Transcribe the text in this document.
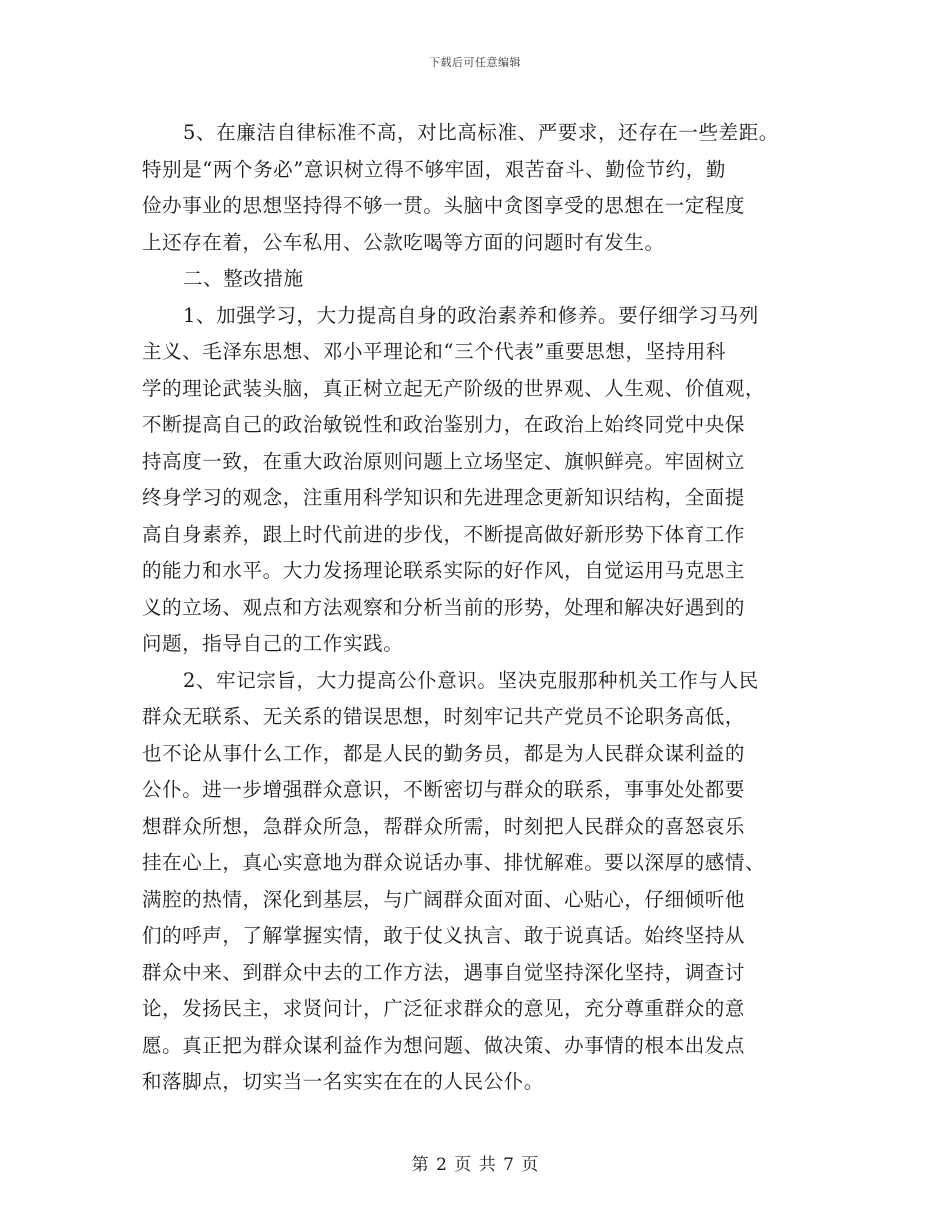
下载后可任意编辑
5、在廉洁自律标准不高，对比高标准、严要求，还存在一些差距。
特别是“两个务必”意识树立得不够牢固，艰苦奋斗、勤俭节约，勤
俭办事业的思想坚持得不够一贯。头脑中贪图享受的思想在一定程度
上还存在着，公车私用、公款吃喝等方面的问题时有发生。
二、整改措施
1、加强学习，大力提高自身的政治素养和修养。要仔细学习马列
主义、毛泽东思想、邓小平理论和“三个代表”重要思想，坚持用科
学的理论武装头脑，真正树立起无产阶级的世界观、人生观、价值观，
不断提高自己的政治敏锐性和政治鉴别力，在政治上始终同党中央保
持高度一致，在重大政治原则问题上立场坚定、旗帜鲜亮。牢固树立
终身学习的观念，注重用科学知识和先进理念更新知识结构，全面提
高自身素养，跟上时代前进的步伐，不断提高做好新形势下体育工作
的能力和水平。大力发扬理论联系实际的好作风，自觉运用马克思主
义的立场、观点和方法观察和分析当前的形势，处理和解决好遇到的
问题，指导自己的工作实践。
2、牢记宗旨，大力提高公仆意识。坚决克服那种机关工作与人民
群众无联系、无关系的错误思想，时刻牢记共产党员不论职务高低，
也不论从事什么工作，都是人民的勤务员，都是为人民群众谋利益的
公仆。进一步增强群众意识，不断密切与群众的联系，事事处处都要
想群众所想，急群众所急，帮群众所需，时刻把人民群众的喜怒哀乐
挂在心上，真心实意地为群众说话办事、排忧解难。要以深厚的感情、
满腔的热情，深化到基层，与广阔群众面对面、心贴心，仔细倾听他
们的呼声，了解掌握实情，敢于仗义执言、敢于说真话。始终坚持从
群众中来、到群众中去的工作方法，遇事自觉坚持深化坚持，调查讨
论，发扬民主，求贤问计，广泛征求群众的意见，充分尊重群众的意
愿。真正把为群众谋利益作为想问题、做决策、办事情的根本出发点
和落脚点，切实当一名实实在在的人民公仆。
第 2 页 共 7 页
